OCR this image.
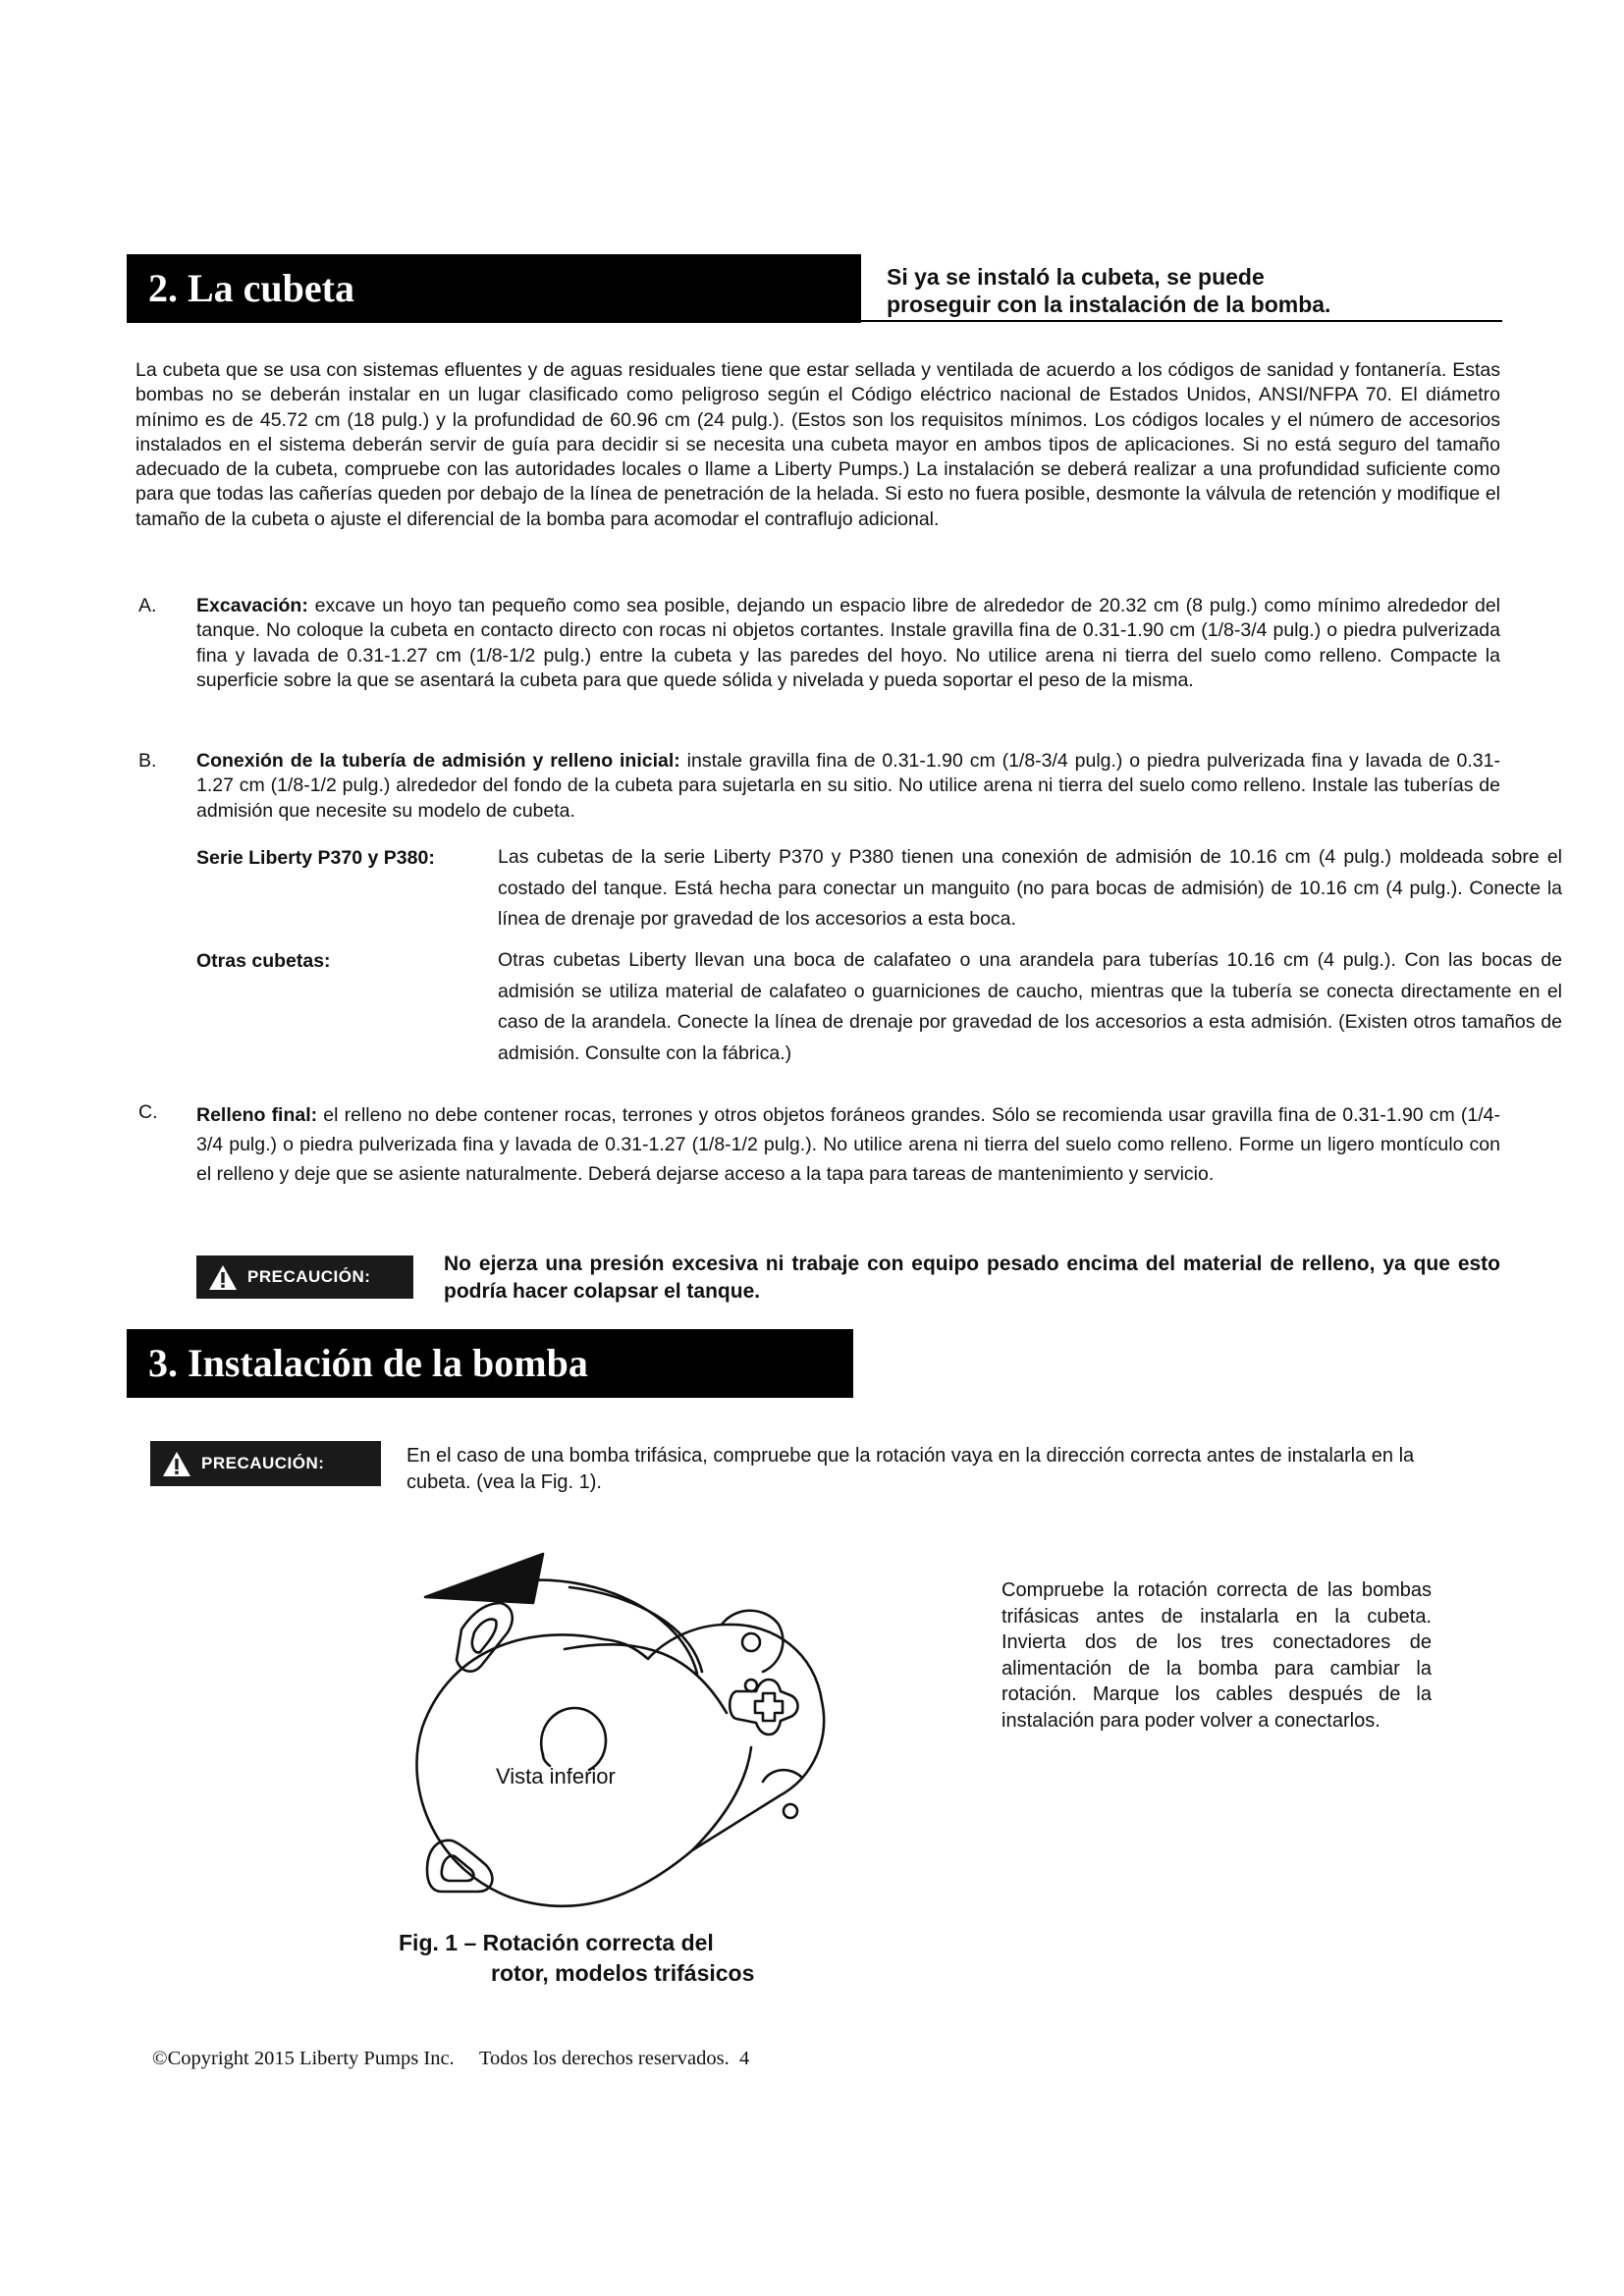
2. La cubeta	Si ya se instaló la cubeta, se puede
proseguir con la instalación de la bomba.
La cubeta que se usa con sistemas efluentes y de aguas residuales tiene que estar sellada y ventilada de acuerdo a los códigos de sanidad y fontanería. Estas bombas no se deberán instalar en un lugar clasificado como peligroso según el Código eléctrico nacional de Estados Unidos, ANSI/NFPA 70. El diámetro mínimo es de 45.72 cm (18 pulg.) y la profundidad de 60.96 cm (24 pulg.). (Estos son los requisitos mínimos. Los códigos locales y el número de accesorios instalados en el sistema deberán servir de guía para decidir si se necesita una cubeta mayor en ambos tipos de aplicaciones. Si no está seguro del tamaño adecuado de la cubeta, compruebe con las autoridades locales o llame a Liberty Pumps.) La instalación se deberá realizar a una profundidad suficiente como para que todas las cañerías queden por debajo de la línea de penetración de la helada. Si esto no fuera posible, desmonte la válvula de retención y modifique el tamaño de la cubeta o ajuste el diferencial de la bomba para acomodar el contraflujo adicional.
A. Excavación: excave un hoyo tan pequeño como sea posible, dejando un espacio libre de alrededor de 20.32 cm (8 pulg.) como mínimo alrededor del tanque. No coloque la cubeta en contacto directo con rocas ni objetos cortantes. Instale gravilla fina de 0.31-1.90 cm (1/8-3/4 pulg.) o piedra pulverizada fina y lavada de 0.31-1.27 cm (1/8-1/2 pulg.) entre la cubeta y las paredes del hoyo. No utilice arena ni tierra del suelo como relleno. Compacte la superficie sobre la que se asentará la cubeta para que quede sólida y nivelada y pueda soportar el peso de la misma.
B. Conexión de la tubería de admisión y relleno inicial: instale gravilla fina de 0.31-1.90 cm (1/8-3/4 pulg.) o piedra pulverizada fina y lavada de 0.31-1.27 cm (1/8-1/2 pulg.) alrededor del fondo de la cubeta para sujetarla en su sitio. No utilice arena ni tierra del suelo como relleno. Instale las tuberías de admisión que necesite su modelo de cubeta.
Serie Liberty P370 y P380:	Las cubetas de la serie Liberty P370 y P380 tienen una conexión de admisión de 10.16 cm (4 pulg.) moldeada sobre el costado del tanque. Está hecha para conectar un manguito (no para bocas de admisión) de 10.16 cm (4 pulg.). Conecte la línea de drenaje por gravedad de los accesorios a esta boca.
Otras cubetas:	Otras cubetas Liberty llevan una boca de calafateo o una arandela para tuberías 10.16 cm (4 pulg.). Con las bocas de admisión se utiliza material de calafateo o guarniciones de caucho, mientras que la tubería se conecta directamente en el caso de la arandela. Conecte la línea de drenaje por gravedad de los accesorios a esta admisión. (Existen otros tamaños de admisión. Consulte con la fábrica.)
C. Relleno final: el relleno no debe contener rocas, terrones y otros objetos foráneos grandes. Sólo se recomienda usar gravilla fina de 0.31-1.90 cm (1/4-3/4 pulg.) o piedra pulverizada fina y lavada de 0.31-1.27 (1/8-1/2 pulg.). No utilice arena ni tierra del suelo como relleno. Forme un ligero montículo con el relleno y deje que se asiente naturalmente. Deberá dejarse acceso a la tapa para tareas de mantenimiento y servicio.
PRECAUCIÓN:
No ejerza una presión excesiva ni trabaje con equipo pesado encima del material de relleno, ya que esto podría hacer colapsar el tanque.
3. Instalación de la bomba
PRECAUCIÓN:	En el caso de una bomba trifásica, compruebe que la rotación vaya en la dirección correcta antes de instalarla en la cubeta. (vea la Fig. 1).
Vista inferior
Compruebe la rotación correcta de las bombas trifásicas antes de instalarla en la cubeta. Invierta dos de los tres conectadores de alimentación de la bomba para cambiar la rotación. Marque los cables después de la instalación para poder volver a conectarlos.
Fig. 1 – Rotación correcta del
rotor, modelos trifásicos
©Copyright 2015 Liberty Pumps Inc. Todos los derechos reservados. 4
